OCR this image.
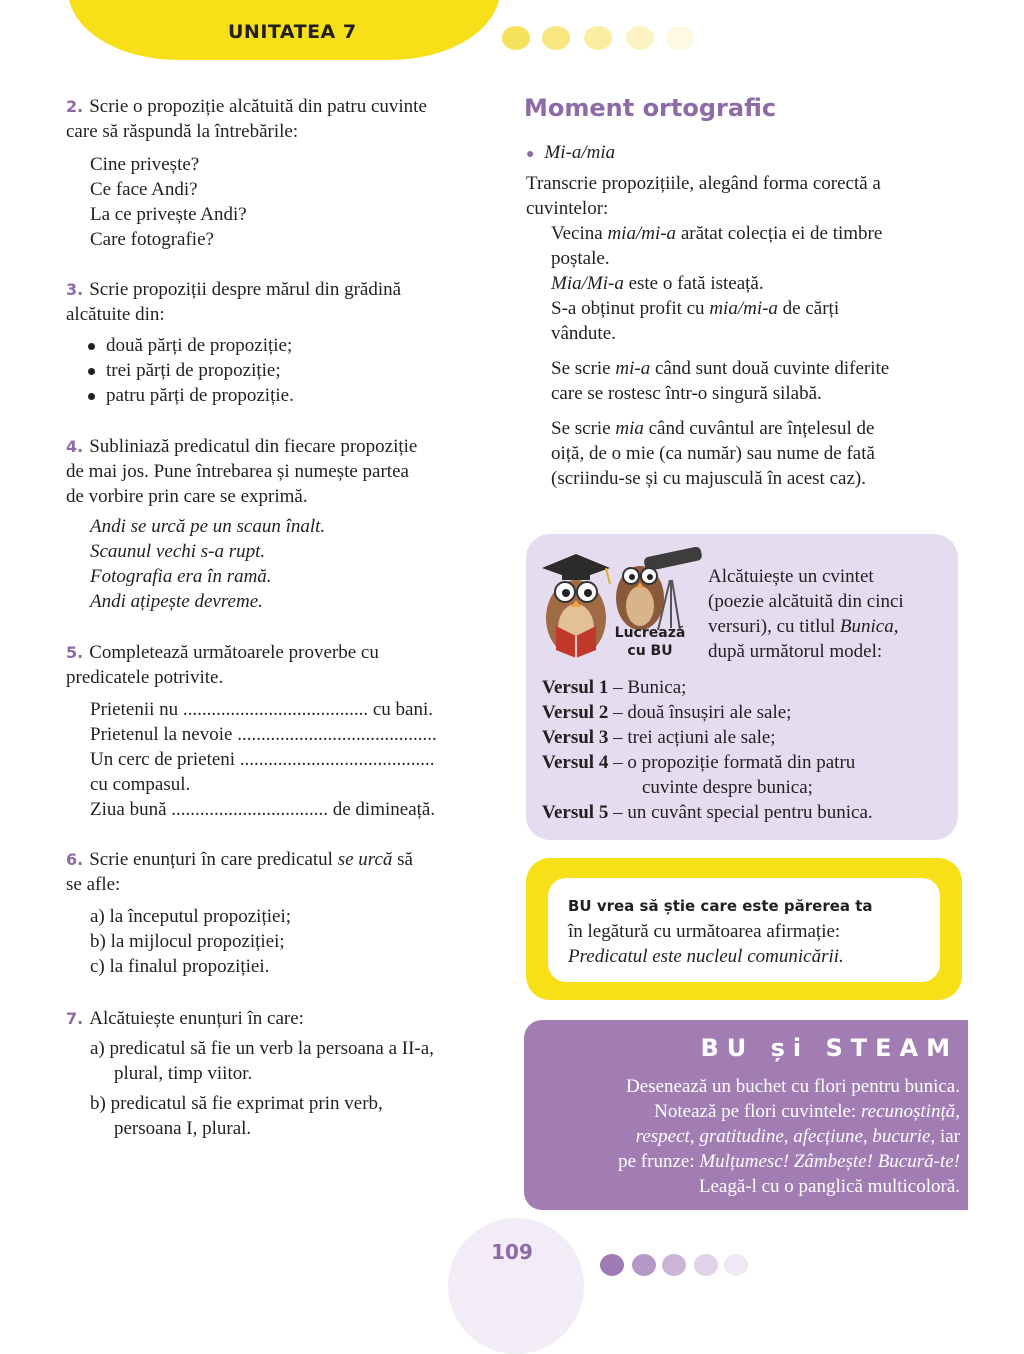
UNITATEA 7

2. Scrie o propoziție alcătuită din patru cuvinte

care să răspundă la întrebările:

Cine privește?

Ce face Andi?

La ce privește Andi?

Care fotografie?

3. Scrie propoziții despre mărul din grădină

alcătuite din:

două părți de propoziție;
trei părți de propoziție;
patru părți de propoziție.

4. Subliniază predicatul din fiecare propoziție

de mai jos. Pune întrebarea și numește partea

de vorbire prin care se exprimă.

Andi se urcă pe un scaun înalt.

Scaunul vechi s-a rupt.

Fotografia era în ramă.

Andi ațipește devreme.

5. Completează următoarele proverbe cu

predicatele potrivite.

Prietenii nu ....................................... cu bani.

Prietenul la nevoie ..........................................

Un cerc de prieteni .........................................

cu compasul.

Ziua bună ................................. de dimineață.

6. Scrie enunțuri în care predicatul se urcă să

se afle:

a) la începutul propoziției;

b) la mijlocul propoziției;

c) la finalul propoziției.

7. Alcătuiește enunțuri în care:

a) predicatul să fie un verb la persoana a II-a,

plural, timp viitor.

b) predicatul să fie exprimat prin verb,

persoana I, plural.

Moment ortografic

● Mi-a/mia

Transcrie propozițiile, alegând forma corectă a

cuvintelor:

Vecina mia/mi-a arătat colecția ei de timbre

poștale.

Mia/Mi-a este o fată isteață.

S-a obținut profit cu mia/mi-a de cărți

vândute.

Se scrie mi-a când sunt două cuvinte diferite

care se rostesc într-o singură silabă.

Se scrie mia când cuvântul are înțelesul de

oiță, de o mie (ca număr) sau nume de fată

(scriindu-se și cu majusculă în acest caz).

Lucrează
cu BU
Alcătuiește un cvintet
(poezie alcătuită din cinci
versuri), cu titlul Bunica,
după următorul model:
Versul 1 – Bunica;
Versul 2 – două însușiri ale sale;
Versul 3 – trei acțiuni ale sale;
Versul 4 – o propoziție formată din patru
cuvinte despre bunica;
Versul 5 – un cuvânt special pentru bunica.
BU vrea să știe care este părerea ta
în legătură cu următoarea afirmație:
Predicatul este nucleul comunicării.
BU și STEAM

Desenează un buchet cu flori pentru bunica.

Notează pe flori cuvintele: recunoștință,

respect, gratitudine, afecțiune, bucurie, iar

pe frunze: Mulțumesc! Zâmbește! Bucură-te!

Leagă-l cu o panglică multicoloră.

109
